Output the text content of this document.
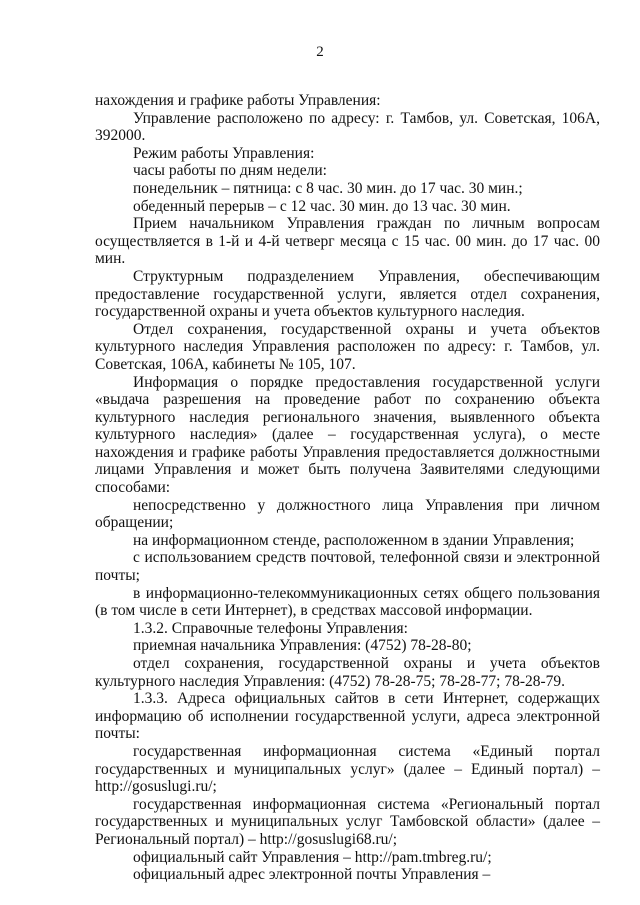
2

нахождения и графике работы Управления:

Управление расположено по адресу: г. Тамбов, ул. Советская, 106А, 392000.

Режим работы Управления:

часы работы по дням недели:

понедельник – пятница: с 8 час. 30 мин. до 17 час. 30 мин.;

обеденный перерыв – с 12 час. 30 мин. до 13 час. 30 мин.

Прием начальником Управления граждан по личным вопросам осуществляется в 1-й и 4-й четверг месяца с 15 час. 00 мин. до 17 час. 00 мин.

Структурным подразделением Управления, обеспечивающим предоставление государственной услуги, является отдел сохранения, государственной охраны и учета объектов культурного наследия.

Отдел сохранения, государственной охраны и учета объектов культурного наследия Управления расположен по адресу: г. Тамбов, ул. Советская, 106А, кабинеты № 105, 107.

Информация о порядке предоставления государственной услуги «выдача разрешения на проведение работ по сохранению объекта культурного наследия регионального значения, выявленного объекта культурного наследия» (далее – государственная услуга), о месте нахождения и графике работы Управления предоставляется должностными лицами Управления и может быть получена Заявителями следующими способами:

непосредственно у должностного лица Управления при личном обращении;

на информационном стенде, расположенном в здании Управления;

с использованием средств почтовой, телефонной связи и электронной почты;

в информационно-телекоммуникационных сетях общего пользования (в том числе в сети Интернет), в средствах массовой информации.

1.3.2. Справочные телефоны Управления:

приемная начальника Управления: (4752) 78-28-80;

отдел сохранения, государственной охраны и учета объектов культурного наследия Управления: (4752) 78-28-75; 78-28-77; 78-28-79.

1.3.3. Адреса официальных сайтов в сети Интернет, содержащих информацию об исполнении государственной услуги, адреса электронной почты:

государственная информационная система «Единый портал государственных и муниципальных услуг» (далее – Единый портал) – http://gosuslugi.ru/;

государственная информационная система «Региональный портал государственных и муниципальных услуг Тамбовской области» (далее – Региональный портал) – http://gosuslugi68.ru/;

официальный сайт Управления – http://pam.tmbreg.ru/;

официальный адрес электронной почты Управления –
